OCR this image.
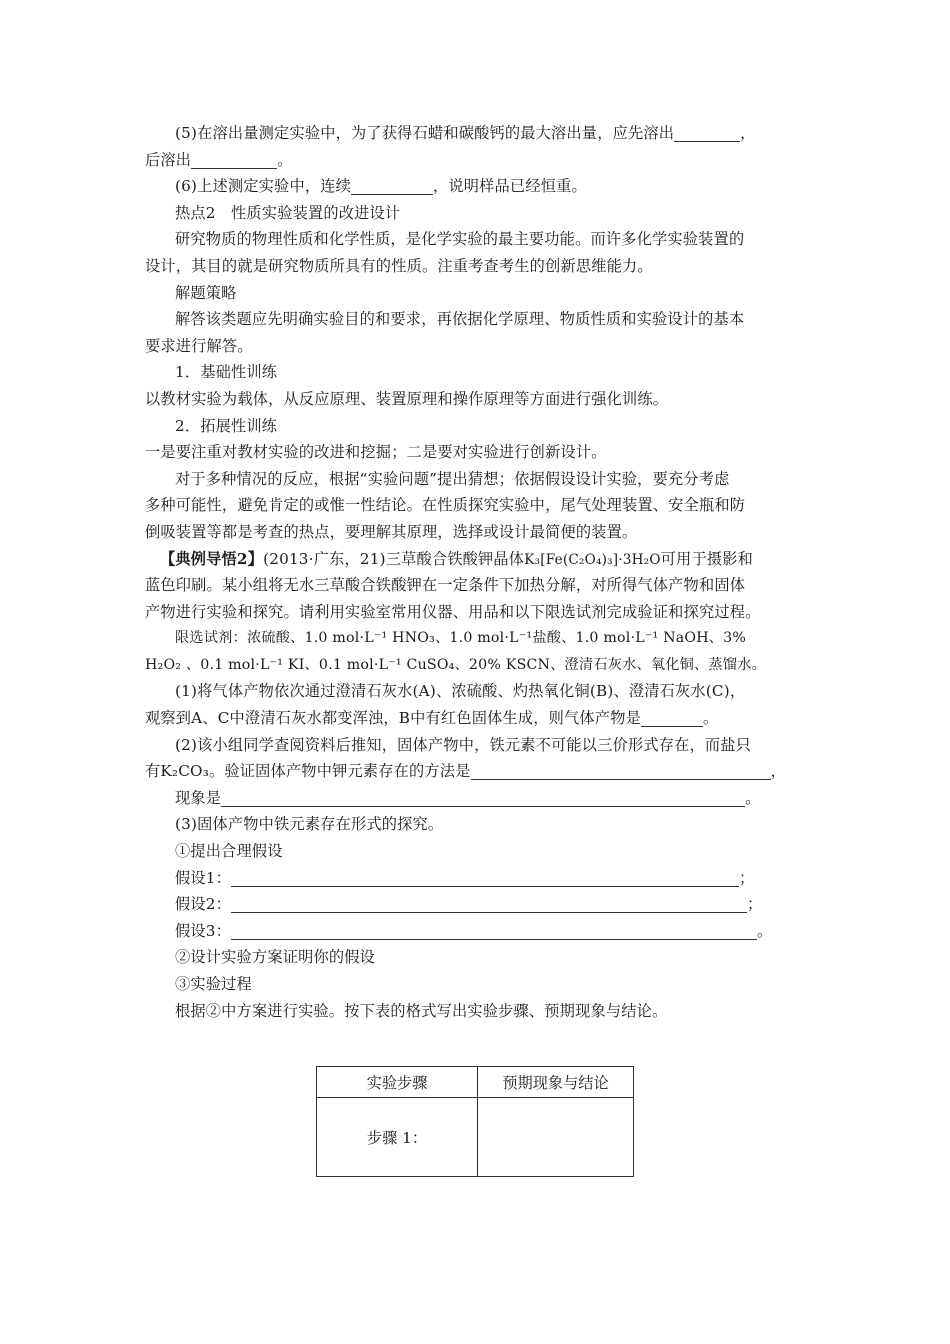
(5)在溶出量测定实验中，为了获得石蜡和碳酸钙的最大溶出量，应先溶出	，
后溶出	。
(6)上述测定实验中，连续	，说明样品已经恒重。
热点2　性质实验装置的改进设计
研究物质的物理性质和化学性质，是化学实验的最主要功能。而许多化学实验装置的
设计，其目的就是研究物质所具有的性质。注重考查考生的创新思维能力。
解题策略
解答该类题应先明确实验目的和要求，再依据化学原理、物质性质和实验设计的基本
要求进行解答。
1．基础性训练
以教材实验为载体，从反应原理、装置原理和操作原理等方面进行强化训练。
2．拓展性训练
一是要注重对教材实验的改进和挖掘；二是要对实验进行创新设计。
对于多种情况的反应，根据“实验问题”提出猜想；依据假设设计实验，要充分考虑
多种可能性，避免肯定的或惟一性结论。在性质探究实验中，尾气处理装置、安全瓶和防
倒吸装置等都是考查的热点，要理解其原理，选择或设计最简便的装置。
【典例导悟2】(2013·广东，21)三草酸合铁酸钾晶体K₃[Fe(C₂O₄)₃]·3H₂O可用于摄影和
蓝色印刷。某小组将无水三草酸合铁酸钾在一定条件下加热分解，对所得气体产物和固体
产物进行实验和探究。请利用实验室常用仪器、用品和以下限选试剂完成验证和探究过程。
限选试剂：浓硫酸、1.0 mol·L⁻¹ HNO₃、1.0 mol·L⁻¹盐酸、1.0 mol·L⁻¹ NaOH、3%
H₂O₂ 、0.1 mol·L⁻¹ KI、0.1 mol·L⁻¹ CuSO₄、20% KSCN、澄清石灰水、氧化铜、蒸馏水。
(1)将气体产物依次通过澄清石灰水(A)、浓硫酸、灼热氧化铜(B)、澄清石灰水(C)，
观察到A、C中澄清石灰水都变浑浊，B中有红色固体生成，则气体产物是	。
(2)该小组同学查阅资料后推知，固体产物中，铁元素不可能以三价形式存在，而盐只
有K₂CO₃。验证固体产物中钾元素存在的方法是	，
现象是	。
(3)固体产物中铁元素存在形式的探究。
①提出合理假设
假设1：	；
假设2：	；
假设3：	。
②设计实验方案证明你的假设
③实验过程
根据②中方案进行实验。按下表的格式写出实验步骤、预期现象与结论。
实验步骤	预期现象与结论
步骤 1：	
